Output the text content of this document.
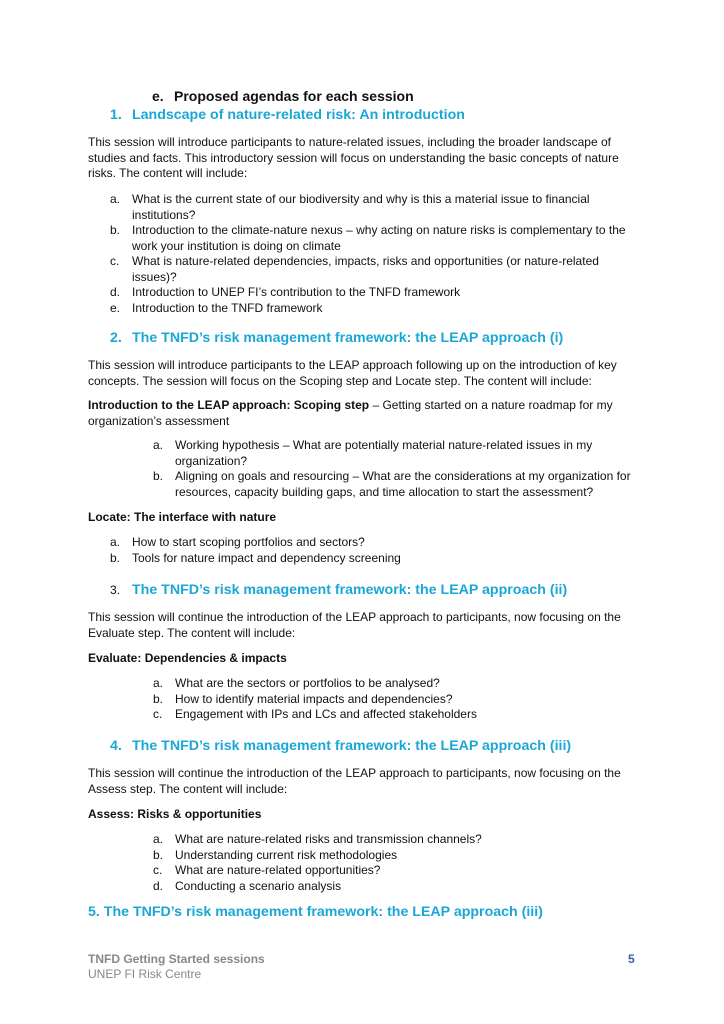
e. Proposed agendas for each session
1. Landscape of nature-related risk: An introduction
This session will introduce participants to nature-related issues, including the broader landscape of studies and facts. This introductory session will focus on understanding the basic concepts of nature risks. The content will include:
a. What is the current state of our biodiversity and why is this a material issue to financial institutions?
b. Introduction to the climate-nature nexus – why acting on nature risks is complementary to the work your institution is doing on climate
c. What is nature-related dependencies, impacts, risks and opportunities (or nature-related issues)?
d. Introduction to UNEP FI’s contribution to the TNFD framework
e. Introduction to the TNFD framework
2. The TNFD’s risk management framework: the LEAP approach (i)
This session will introduce participants to the LEAP approach following up on the introduction of key concepts. The session will focus on the Scoping step and Locate step. The content will include:
Introduction to the LEAP approach: Scoping step – Getting started on a nature roadmap for my organization’s assessment
a. Working hypothesis – What are potentially material nature-related issues in my organization?
b. Aligning on goals and resourcing – What are the considerations at my organization for resources, capacity building gaps, and time allocation to start the assessment?
Locate: The interface with nature
a. How to start scoping portfolios and sectors?
b. Tools for nature impact and dependency screening
3. The TNFD’s risk management framework: the LEAP approach (ii)
This session will continue the introduction of the LEAP approach to participants, now focusing on the Evaluate step. The content will include:
Evaluate: Dependencies & impacts
a. What are the sectors or portfolios to be analysed?
b. How to identify material impacts and dependencies?
c. Engagement with IPs and LCs and affected stakeholders
4. The TNFD’s risk management framework: the LEAP approach (iii)
This session will continue the introduction of the LEAP approach to participants, now focusing on the Assess step. The content will include:
Assess: Risks & opportunities
a. What are nature-related risks and transmission channels?
b. Understanding current risk methodologies
c. What are nature-related opportunities?
d. Conducting a scenario analysis
5. The TNFD’s risk management framework: the LEAP approach (iii)
TNFD Getting Started sessions
UNEP FI Risk Centre
5
